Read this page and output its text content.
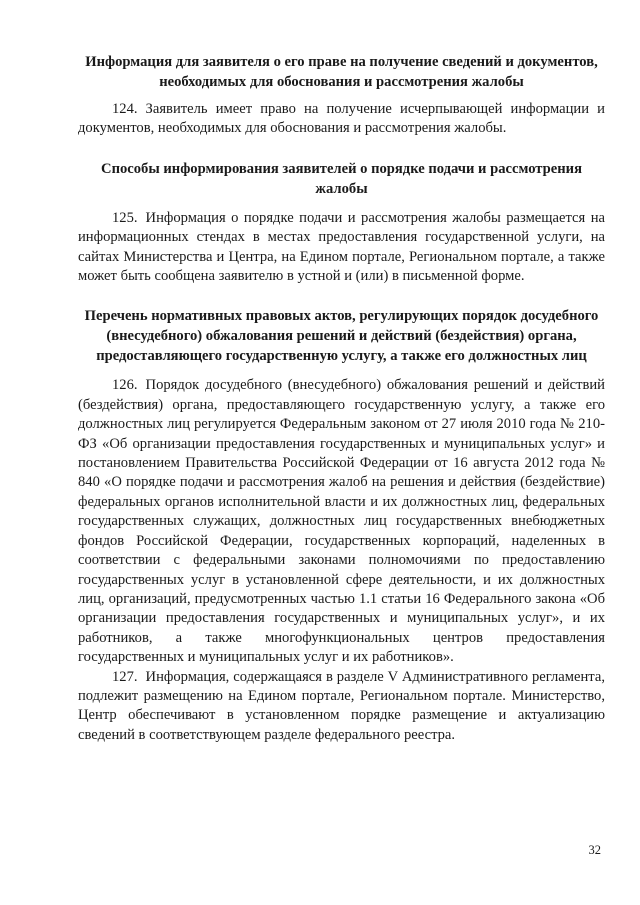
Информация для заявителя о его праве на получение сведений и документов, необходимых для обоснования и рассмотрения жалобы

124. Заявитель имеет право на получение исчерпывающей информации и документов, необходимых для обоснования и рассмотрения жалобы.

Способы информирования заявителей о порядке подачи и рассмотрения жалобы

125. Информация о порядке подачи и рассмотрения жалобы размещается на информационных стендах в местах предоставления государственной услуги, на сайтах Министерства и Центра, на Едином портале, Региональном портале, а также может быть сообщена заявителю в устной и (или) в письменной форме.

Перечень нормативных правовых актов, регулирующих порядок досудебного (внесудебного) обжалования решений и действий (бездействия) органа, предоставляющего государственную услугу, а также его должностных лиц

126. Порядок досудебного (внесудебного) обжалования решений и действий (бездействия) органа, предоставляющего государственную услугу, а также его должностных лиц регулируется Федеральным законом от 27 июля 2010 года № 210-ФЗ «Об организации предоставления государственных и муниципальных услуг» и постановлением Правительства Российской Федерации от 16 августа 2012 года № 840 «О порядке подачи и рассмотрения жалоб на решения и действия (бездействие) федеральных органов исполнительной власти и их должностных лиц, федеральных государственных служащих, должностных лиц государственных внебюджетных фондов Российской Федерации, государственных корпораций, наделенных в соответствии с федеральными законами полномочиями по предоставлению государственных услуг в установленной сфере деятельности, и их должностных лиц, организаций, предусмотренных частью 1.1 статьи 16 Федерального закона «Об организации предоставления государственных и муниципальных услуг», и их работников, а также многофункциональных центров предоставления государственных и муниципальных услуг и их работников».

127. Информация, содержащаяся в разделе V Административного регламента, подлежит размещению на Едином портале, Региональном портале. Министерство, Центр обеспечивают в установленном порядке размещение и актуализацию сведений в соответствующем разделе федерального реестра.

32
